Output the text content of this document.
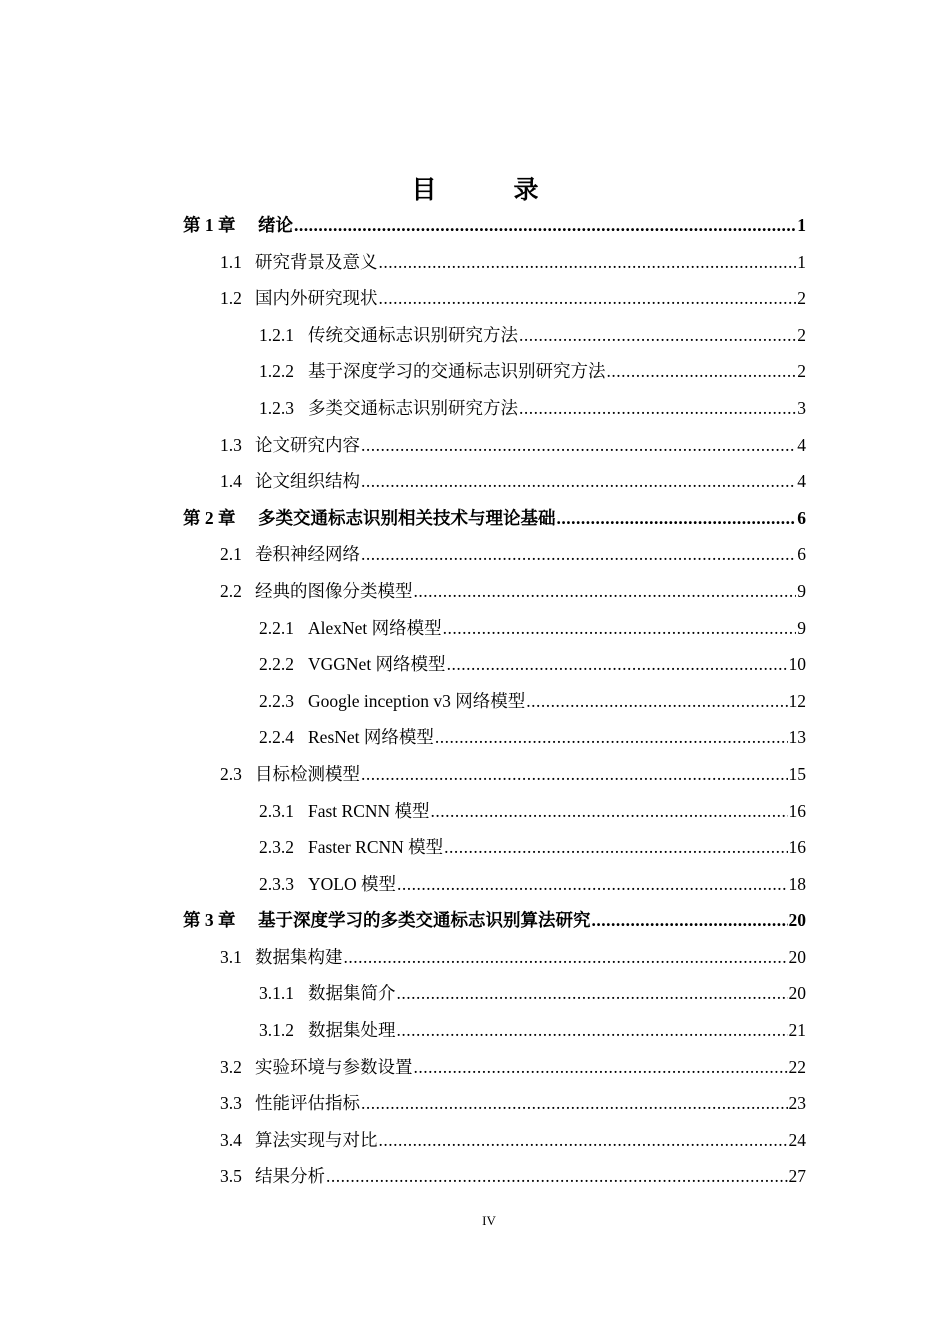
目　录
第 1 章	绪论 .....	1
1.1 研究背景及意义 .....	1
1.2 国内外研究现状 .....	2
1.2.1 传统交通标志识别研究方法 .....	2
1.2.2 基于深度学习的交通标志识别研究方法 .....	2
1.2.3 多类交通标志识别研究方法 .....	3
1.3 论文研究内容 .....	4
1.4 论文组织结构 .....	4
第 2 章	多类交通标志识别相关技术与理论基础 .....	6
2.1 卷积神经网络 .....	6
2.2 经典的图像分类模型 .....	9
2.2.1 AlexNet 网络模型 .....	9
2.2.2 VGGNet 网络模型 .....	10
2.2.3 Google inception v3 网络模型 .....	12
2.2.4 ResNet 网络模型 .....	13
2.3 目标检测模型 .....	15
2.3.1 Fast RCNN 模型 .....	16
2.3.2 Faster RCNN 模型 .....	16
2.3.3 YOLO 模型 .....	18
第 3 章	基于深度学习的多类交通标志识别算法研究 .....	20
3.1 数据集构建 .....	20
3.1.1 数据集简介 .....	20
3.1.2 数据集处理 .....	21
3.2 实验环境与参数设置 .....	22
3.3 性能评估指标 .....	23
3.4 算法实现与对比 .....	24
3.5 结果分析 .....	27
IV
